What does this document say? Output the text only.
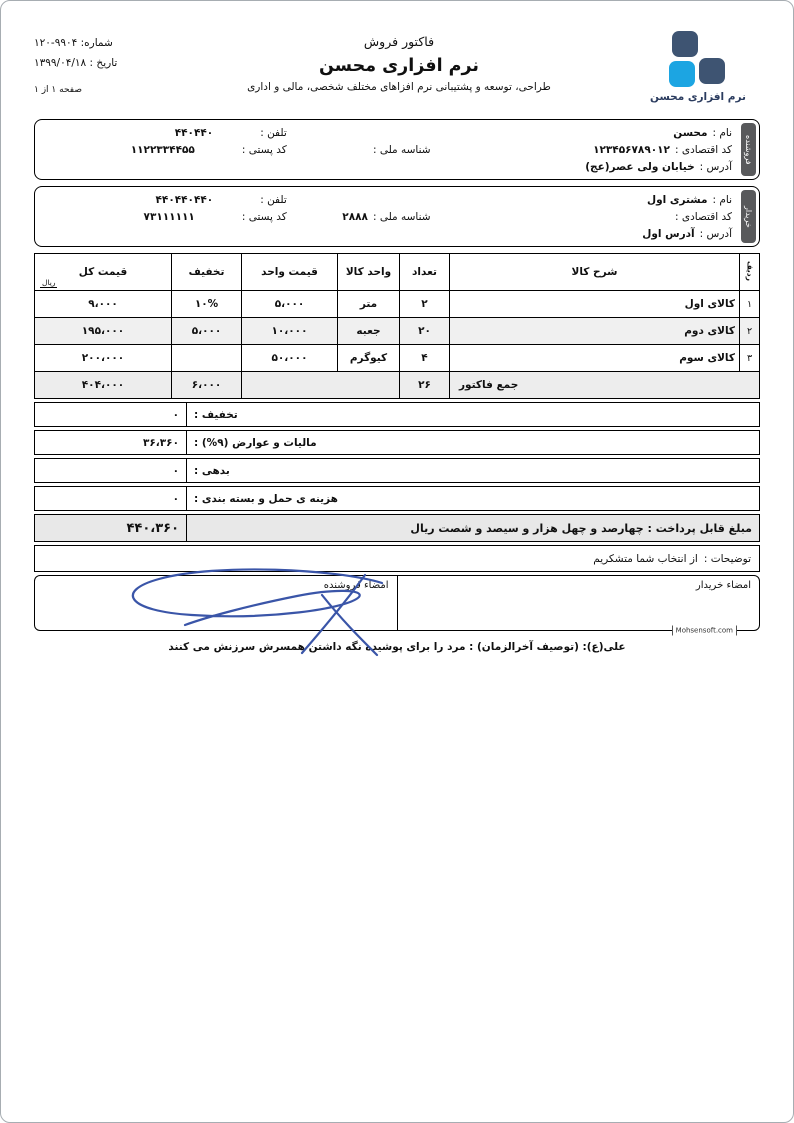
نرم افزاری محسن
فاکتور فروش
نرم افزاری محسن
طراحی، توسعه و پشتیبانی نرم افزاهای مختلف شخصی، مالی و اداری
شماره: ۱۲۰-۹۹۰۴
تاریخ : ۱۳۹۹/۰۴/۱۸
صفحه ۱ از ۱
فروشنده
نام :
محسن
تلفن :
۴۴۰۴۴۰
کد اقتصادی :
۱۲۳۴۵۶۷۸۹۰۱۲
شناسه ملی :
کد پستی :
۱۱۲۲۳۳۴۴۵۵
آدرس :
خیابان ولی عصر(عج)
خریدار
نام :
مشتری اول
تلفن :
۴۴۰۴۴۰۴۴۰
کد اقتصادی :
شناسه ملی :
۲۸۸۸
کد پستی :
۷۳۱۱۱۱۱۱
آدرس :
آدرس اول
ردیف	شرح کالا	تعداد	واحد کالا	قیمت واحد	تخفیف	قیمت کل
ریال

۱	کالای اول	۲	متر	۵،۰۰۰	۱۰%	۹،۰۰۰
۲	کالای دوم	۲۰	جعبه	۱۰،۰۰۰	۵،۰۰۰	۱۹۵،۰۰۰
۳	کالای سوم	۴	کیوگرم	۵۰،۰۰۰		۲۰۰،۰۰۰
جمع فاکتور		۲۶			۶،۰۰۰	۴۰۴،۰۰۰
تخفیف :
۰
مالیات و عوارض (۹%) :
۳۶،۳۶۰
بدهی :
۰
هزینه ی حمل و بسته بندی :
۰
مبلغ قابل پرداخت : چهارصد و چهل هزار و سیصد و شصت ریال
۴۴۰،۳۶۰
توضیحات :
از انتخاب شما متشکریم
امضاء خریدار
امضاء فروشنده
Mohsensoft.com
علی(ع): (توصیف آخرالزمان) : مرد را برای پوشیده نگه داشتن همسرش سرزنش می کنند
